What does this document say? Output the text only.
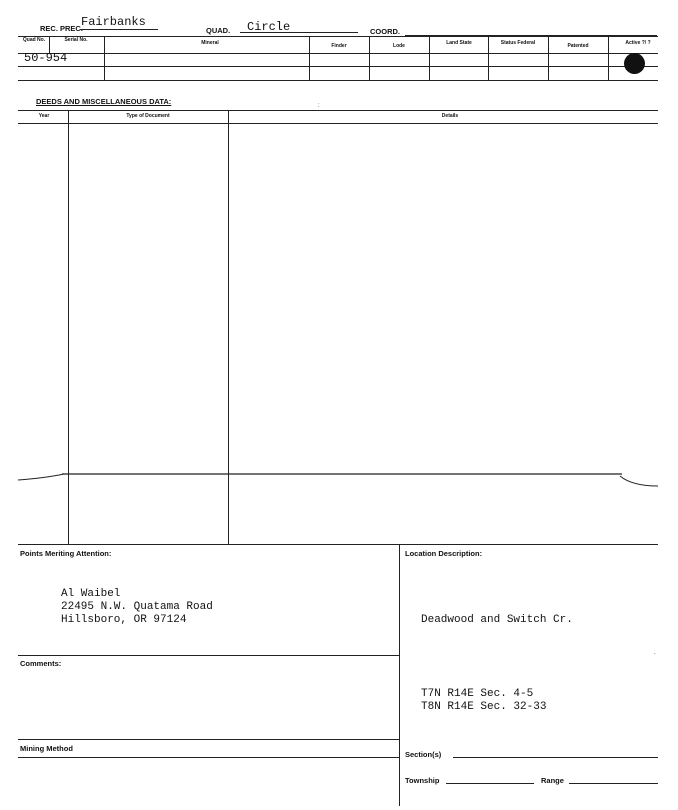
REC. PREC.
Fairbanks
QUAD. Circle	COORD.
Quad No.	Serial No.	Mineral	Finder	Lode	Land State	Status Federal	Patented	Active ?/ ?
50-954
DEEDS AND MISCELLANEOUS DATA:	:
Year	Type of Document	Details
Points Meriting Attention:
Al Waibel
22495 N.W. Quatama Road
Hillsboro, OR 97124
Comments:
Mining Method
Location Description:
Deadwood and Switch Cr.
.
T7N R14E Sec. 4-5
T8N R14E Sec. 32-33
Section(s)
Township	Range
